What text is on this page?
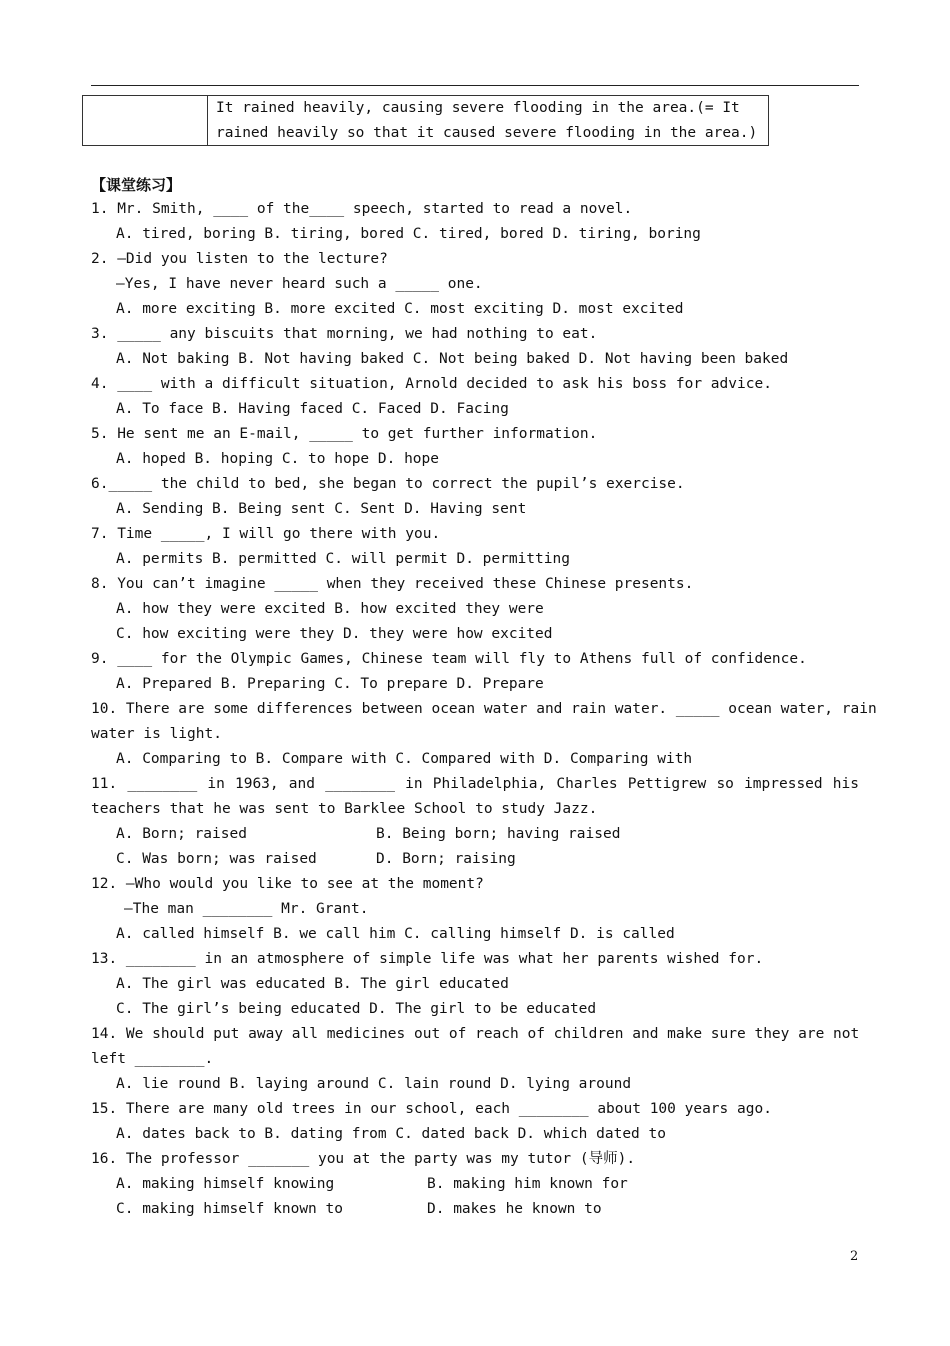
It rained heavily, causing severe flooding in the area.(= It
rained heavily so that it caused severe flooding in the area.)
【课堂练习】
1. Mr. Smith, ____ of the____ speech, started to read a novel.
A. tired, boring B. tiring, bored C. tired, bored D. tiring, boring
2. —Did you listen to the lecture?
—Yes, I have never heard such a _____ one.
A. more exciting B. more excited C. most exciting D. most excited
3. _____ any biscuits that morning, we had nothing to eat.
A. Not baking B. Not having baked C. Not being baked D. Not having been baked
4. ____ with a difficult situation, Arnold decided to ask his boss for advice.
A. To face B. Having faced C. Faced D. Facing
5. He sent me an E-mail, _____ to get further information.
A. hoped B. hoping C. to hope D. hope
6._____ the child to bed, she began to correct the pupil’s exercise.
A. Sending B. Being sent C. Sent D. Having sent
7. Time _____, I will go there with you.
A. permits B. permitted C. will permit D. permitting
8. You can’t imagine _____ when they received these Chinese presents.
A. how they were excited B. how excited they were
C. how exciting were they D. they were how excited
9. ____ for the Olympic Games, Chinese team will fly to Athens full of confidence.
A. Prepared B. Preparing C. To prepare D. Prepare
10. There are some differences between ocean water and rain water. _____ ocean water, rain
water is light.
A. Comparing to B. Compare with C. Compared with D. Comparing with
11. ________ in 1963, and ________ in Philadelphia, Charles Pettigrew so impressed his
teachers that he was sent to Barklee School to study Jazz.
A. Born; raised	B. Being born; having raised
C. Was born; was raised	D. Born; raising
12. —Who would you like to see at the moment?
—The man ________ Mr. Grant.
A. called himself B. we call him C. calling himself D. is called
13. ________ in an atmosphere of simple life was what her parents wished for.
A. The girl was educated B. The girl educated
C. The girl’s being educated D. The girl to be educated
14. We should put away all medicines out of reach of children and make sure they are not
left ________.
A. lie round B. laying around C. lain round D. lying around
15. There are many old trees in our school, each ________ about 100 years ago.
A. dates back to B. dating from C. dated back D. which dated to
16. The professor _______ you at the party was my tutor (导师).
A. making himself knowing	B. making him known for
C. making himself known to	D. makes he known to
2
